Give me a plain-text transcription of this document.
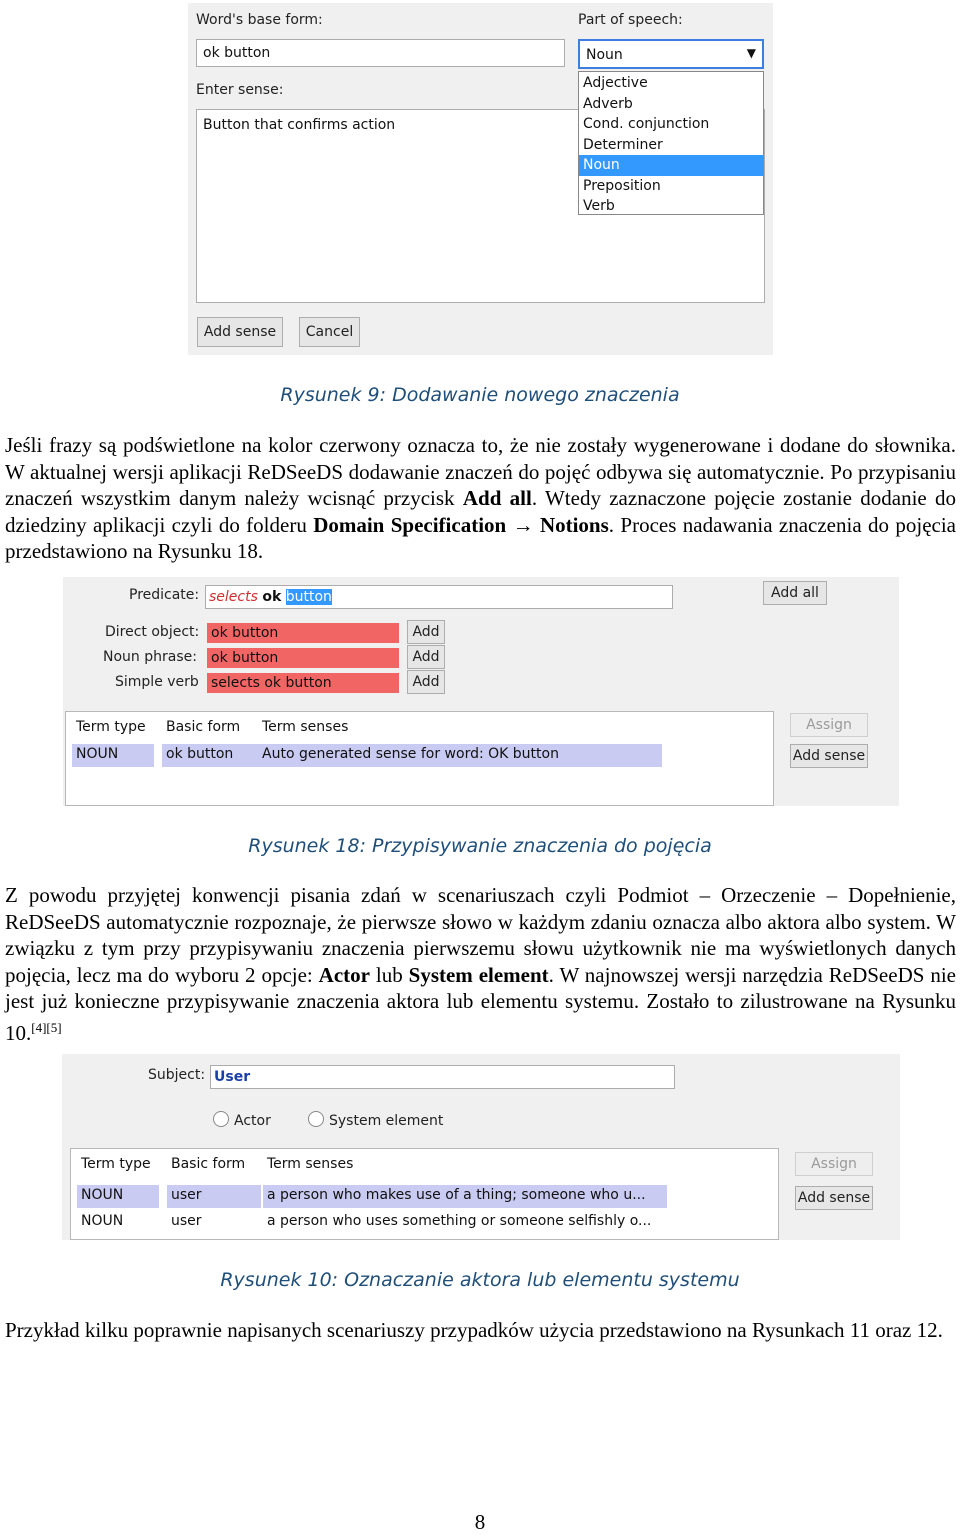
Word's base form:
ok button
Enter sense:
Button that confirms action
Part of speech:
Noun	▼
Adjective
Adverb
Cond. conjunction
Determiner
Noun
Preposition
Verb
Add sense	Cancel
Rysunek 9: Dodawanie nowego znaczenia
Jeśli frazy są podświetlone na kolor czerwony oznacza to, że nie zostały wygenerowane i dodane do słownika. W aktualnej wersji aplikacji ReDSeeDS dodawanie znaczeń do pojęć odbywa się automatycznie. Po przypisaniu znaczeń wszystkim danym należy wcisnąć przycisk Add all. Wtedy zaznaczone pojęcie zostanie dodanie do dziedziny aplikacji czyli do folderu Domain Specification → Notions. Proces nadawania znaczenia do pojęcia przedstawiono na Rysunku 18.
Predicate: selects ok button	Add all
Direct object: ok button	Add
Noun phrase: ok button	Add
Simple verb selects ok button	Add
Term type	Basic form	Term senses
NOUN	ok button	Auto generated sense for word: OK button
Assign
Add sense
Rysunek 18: Przypisywanie znaczenia do pojęcia
Z powodu przyjętej konwencji pisania zdań w scenariuszach czyli Podmiot – Orzeczenie – Dopełnienie, ReDSeeDS automatycznie rozpoznaje, że pierwsze słowo w każdym zdaniu oznacza albo aktora albo system. W związku z tym przy przypisywaniu znaczenia pierwszemu słowu użytkownik nie ma wyświetlonych danych pojęcia, lecz ma do wyboru 2 opcje: Actor lub System element. W najnowszej wersji narzędzia ReDSeeDS nie jest już konieczne przypisywanie znaczenia aktora lub elementu systemu. Zostało to zilustrowane na Rysunku 10.[4][5]
Subject: User
Actor	System element
Term type	Basic form	Term senses
NOUN	user	a person who makes use of a thing; someone who u...
NOUN	user	a person who uses something or someone selfishly o...
Assign
Add sense
Rysunek 10: Oznaczanie aktora lub elementu systemu
Przykład kilku poprawnie napisanych scenariuszy przypadków użycia przedstawiono na Rysunkach 11 oraz 12.
8
